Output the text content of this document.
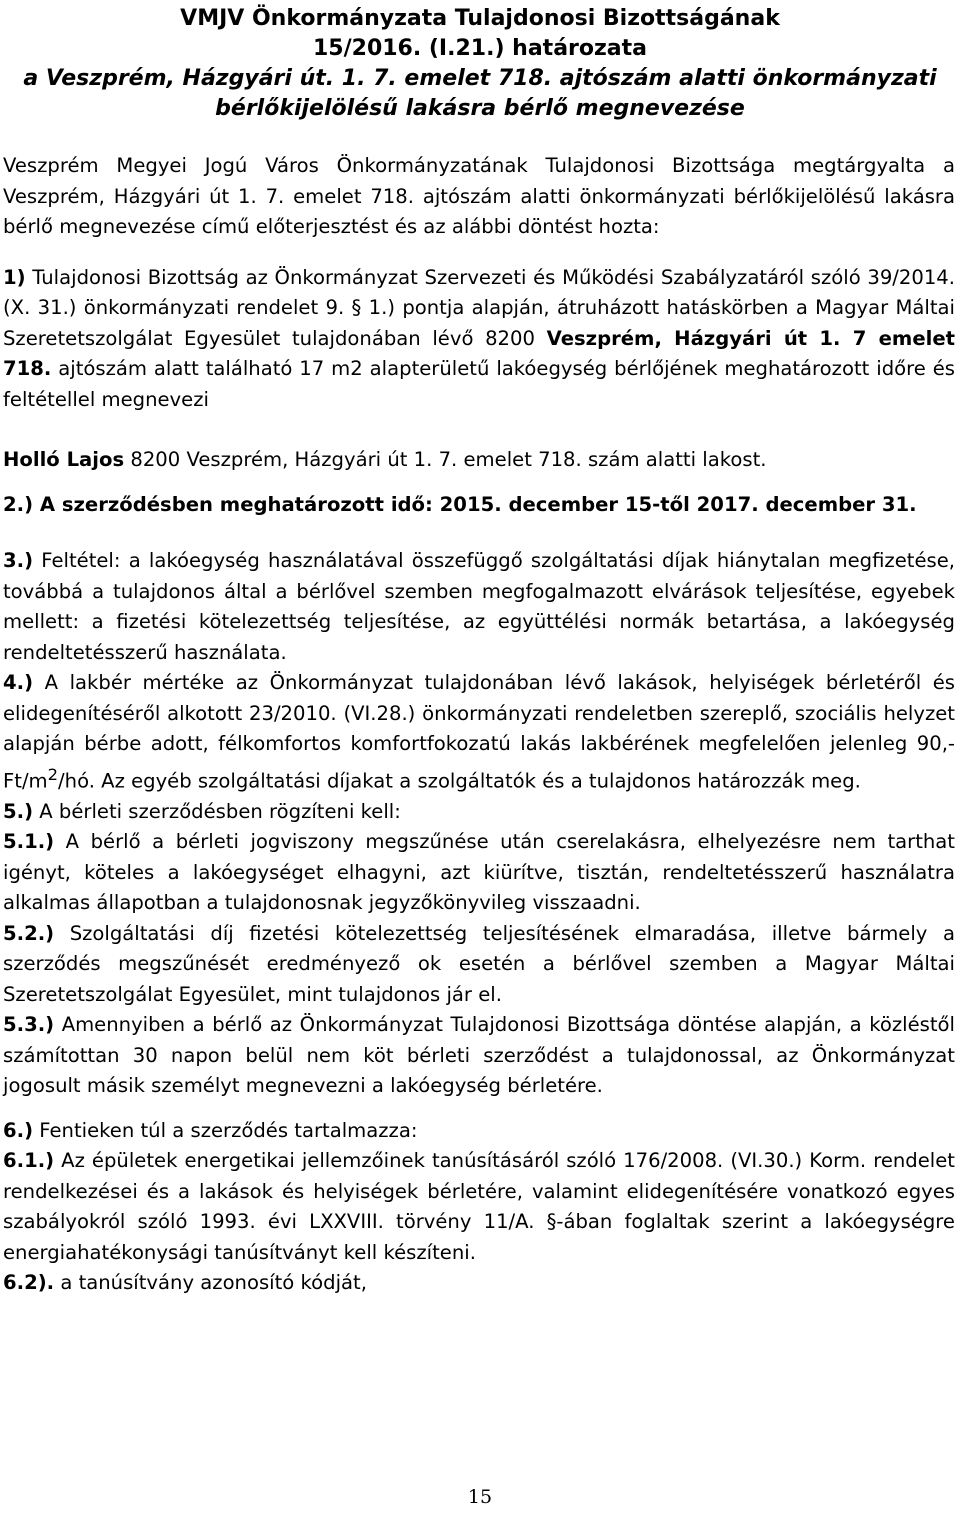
VMJV Önkormányzata Tulajdonosi Bizottságának
15/2016. (I.21.) határozata
a Veszprém, Házgyári út. 1. 7. emelet 718. ajtószám alatti önkormányzati
bérlőkijelölésű lakásra bérlő megnevezése

Veszprém Megyei Jogú Város Önkormányzatának Tulajdonosi Bizottsága megtárgyalta a Veszprém, Házgyári út 1. 7. emelet 718. ajtószám alatti önkormányzati bérlőkijelölésű lakásra bérlő megnevezése című előterjesztést és az alábbi döntést hozta:

1) Tulajdonosi Bizottság az Önkormányzat Szervezeti és Működési Szabályzatáról szóló 39/2014. (X. 31.) önkormányzati rendelet 9. § 1.) pontja alapján, átruházott hatáskörben a Magyar Máltai Szeretetszolgálat Egyesület tulajdonában lévő 8200 Veszprém, Házgyári út 1. 7 emelet 718. ajtószám alatt található 17 m2 alapterületű lakóegység bérlőjének meghatározott időre és feltétellel megnevezi

Holló Lajos 8200 Veszprém, Házgyári út 1. 7. emelet 718. szám alatti lakost.

2.) A szerződésben meghatározott idő: 2015. december 15-től 2017. december 31.

3.) Feltétel: a lakóegység használatával összefüggő szolgáltatási díjak hiánytalan megfizetése, továbbá a tulajdonos által a bérlővel szemben megfogalmazott elvárások teljesítése, egyebek mellett: a fizetési kötelezettség teljesítése, az együttélési normák betartása, a lakóegység rendeltetésszerű használata.

4.) A lakbér mértéke az Önkormányzat tulajdonában lévő lakások, helyiségek bérletéről és elidegenítéséről alkotott 23/2010. (VI.28.) önkormányzati rendeletben szereplő, szociális helyzet alapján bérbe adott, félkomfortos komfortfokozatú lakás lakbérének megfelelően jelenleg $90,-Ft/m^2/hó$. Az egyéb szolgáltatási díjakat a szolgáltatók és a tulajdonos határozzák meg.

5.) A bérleti szerződésben rögzíteni kell:

5.1.) A bérlő a bérleti jogviszony megszűnése után cserelakásra, elhelyezésre nem tarthat igényt, köteles a lakóegységet elhagyni, azt kiürítve, tisztán, rendeltetésszerű használatra alkalmas állapotban a tulajdonosnak jegyzőkönyvileg visszaadni.

5.2.) Szolgáltatási díj fizetési kötelezettség teljesítésének elmaradása, illetve bármely a szerződés megszűnését eredményező ok esetén a bérlővel szemben a Magyar Máltai Szeretetszolgálat Egyesület, mint tulajdonos jár el.

5.3.) Amennyiben a bérlő az Önkormányzat Tulajdonosi Bizottsága döntése alapján, a közléstől számítottan 30 napon belül nem köt bérleti szerződést a tulajdonossal, az Önkormányzat jogosult másik személyt megnevezni a lakóegység bérletére.

6.) Fentieken túl a szerződés tartalmazza:

6.1.) Az épületek energetikai jellemzőinek tanúsításáról szóló 176/2008. (VI.30.) Korm. rendelet rendelkezései és a lakások és helyiségek bérletére, valamint elidegenítésére vonatkozó egyes szabályokról szóló 1993. évi LXXVIII. törvény 11/A. §-ában foglaltak szerint a lakóegységre energiahatékonysági tanúsítványt kell készíteni.

6.2). a tanúsítvány azonosító kódját,

15
